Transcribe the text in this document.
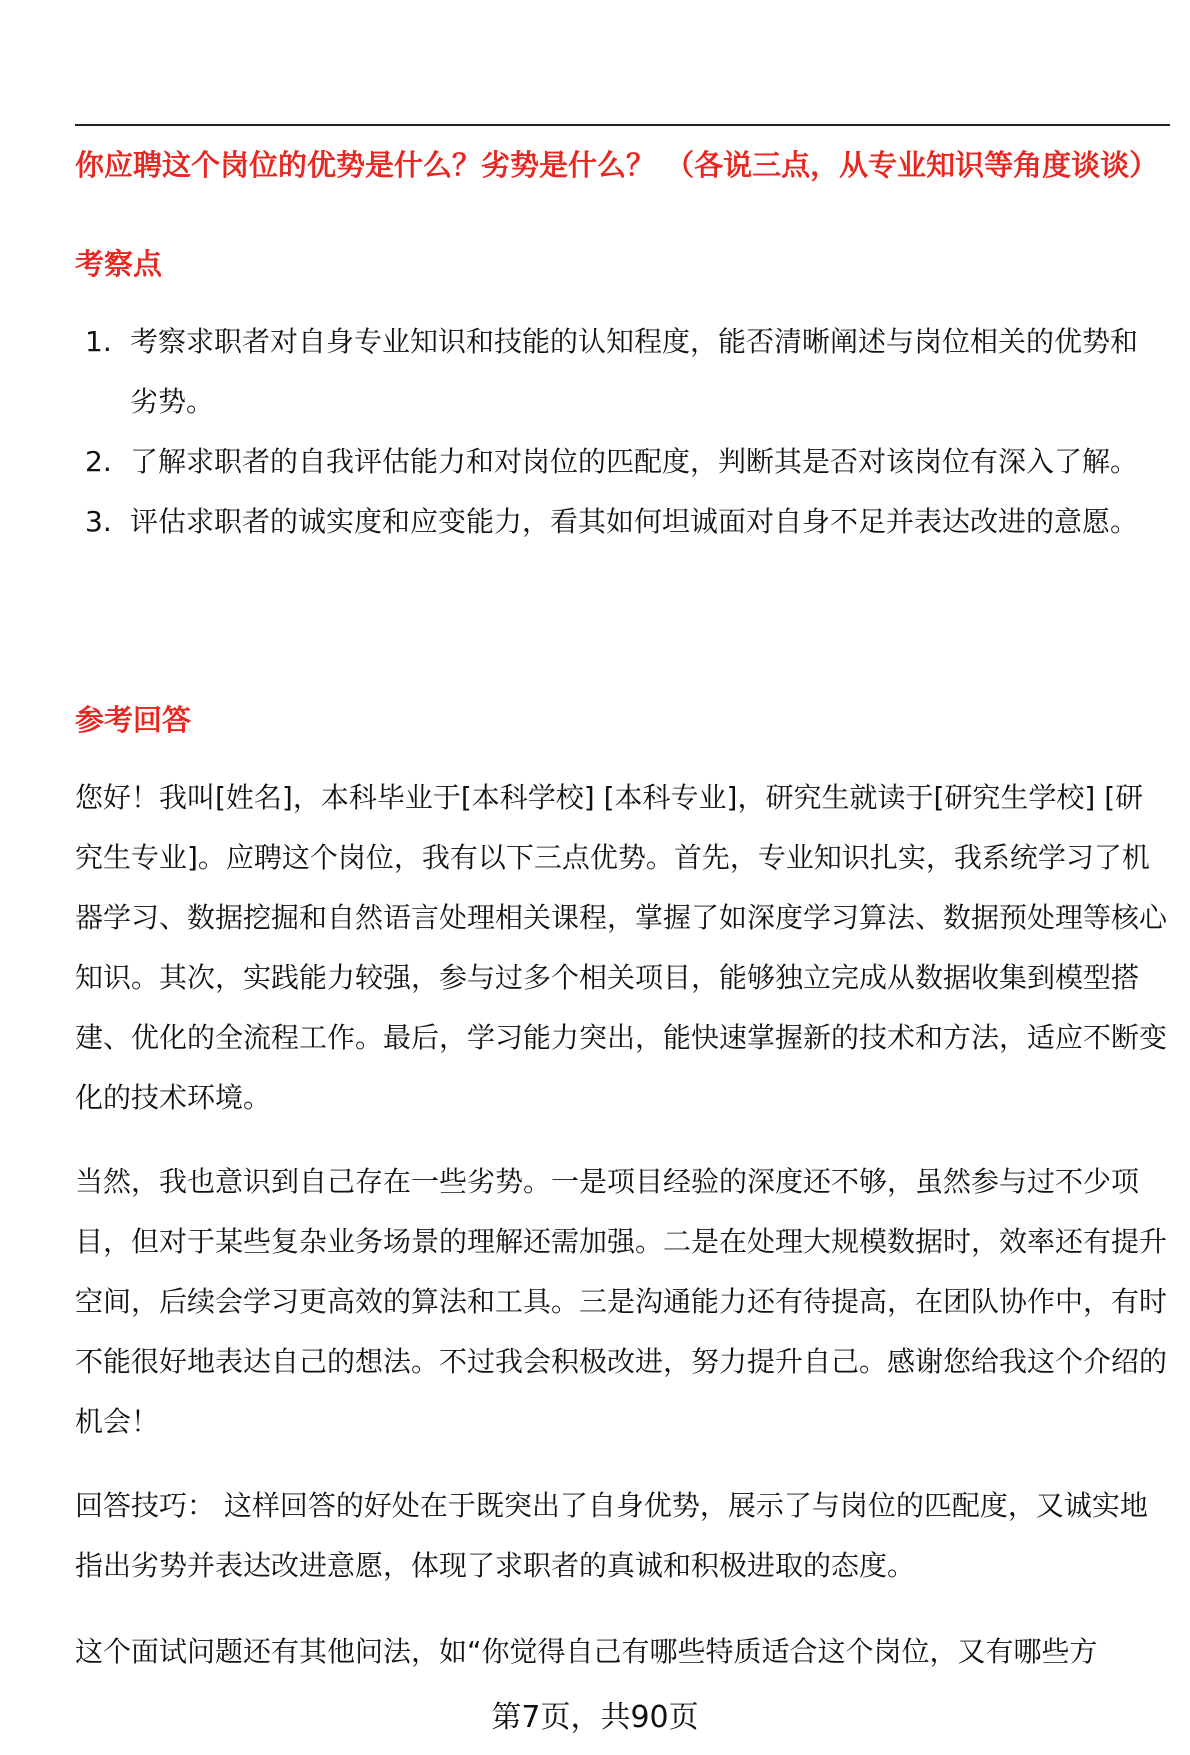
你应聘这个岗位的优势是什么？劣势是什么？ （各说三点，从专业知识等角度谈谈）
考察点
1. 考察求职者对自身专业知识和技能的认知程度，能否清晰阐述与岗位相关的优势和劣势。
2. 了解求职者的自我评估能力和对岗位的匹配度，判断其是否对该岗位有深入了解。
3. 评估求职者的诚实度和应变能力，看其如何坦诚面对自身不足并表达改进的意愿。
参考回答

您好！我叫[姓名]，本科毕业于[本科学校] [本科专业]，研究生就读于[研究生学校] [研究生专业]。应聘这个岗位，我有以下三点优势。首先，专业知识扎实，我系统学习了机器学习、数据挖掘和自然语言处理相关课程，掌握了如深度学习算法、数据预处理等核心知识。其次，实践能力较强，参与过多个相关项目，能够独立完成从数据收集到模型搭建、优化的全流程工作。最后，学习能力突出，能快速掌握新的技术和方法，适应不断变化的技术环境。

当然，我也意识到自己存在一些劣势。一是项目经验的深度还不够，虽然参与过不少项目，但对于某些复杂业务场景的理解还需加强。二是在处理大规模数据时，效率还有提升空间，后续会学习更高效的算法和工具。三是沟通能力还有待提高，在团队协作中，有时不能很好地表达自己的想法。不过我会积极改进，努力提升自己。感谢您给我这个介绍的机会！

回答技巧： 这样回答的好处在于既突出了自身优势，展示了与岗位的匹配度，又诚实地指出劣势并表达改进意愿，体现了求职者的真诚和积极进取的态度。

这个面试问题还有其他问法，如“你觉得自己有哪些特质适合这个岗位，又有哪些方

第7页，共90页
